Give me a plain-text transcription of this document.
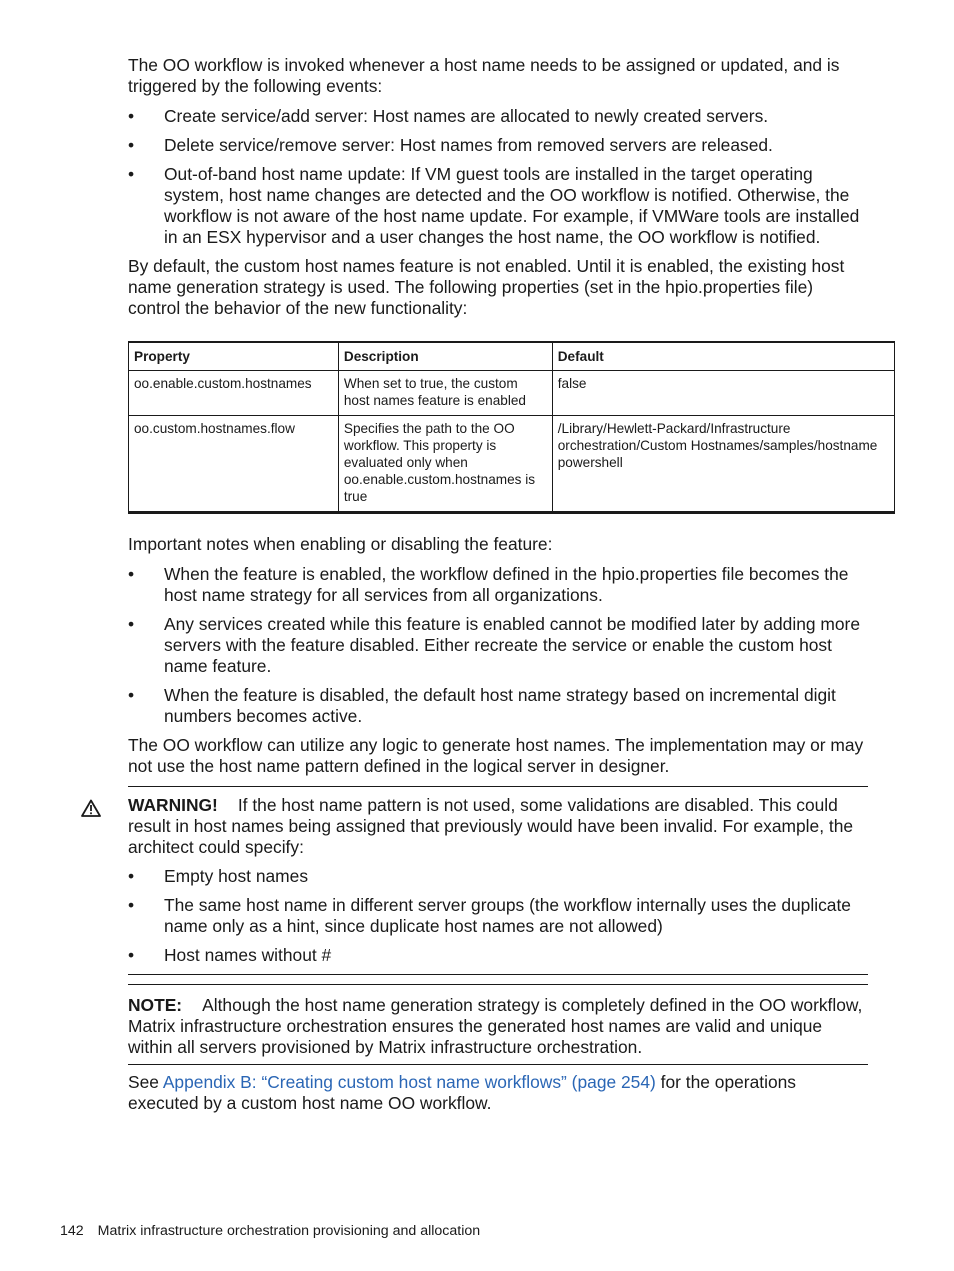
The OO workflow is invoked whenever a host name needs to be assigned or updated, and is triggered by the following events:

• Create service/add server: Host names are allocated to newly created servers.
• Delete service/remove server: Host names from removed servers are released.
• Out-of-band host name update: If VM guest tools are installed in the target operating system, host name changes are detected and the OO workflow is notified. Otherwise, the workflow is not aware of the host name update. For example, if VMWare tools are installed in an ESX hypervisor and a user changes the host name, the OO workflow is notified.

By default, the custom host names feature is not enabled. Until it is enabled, the existing host name generation strategy is used. The following properties (set in the hpio.properties file) control the behavior of the new functionality:

Property	Description	Default
oo.enable.custom.hostnames	When set to true, the custom host names feature is enabled	false
oo.custom.hostnames.flow	Specifies the path to the OO workflow. This property is evaluated only when oo.enable.custom.hostnames is true	/Library/Hewlett-Packard/Infrastructure orchestration/Custom Hostnames/samples/hostname powershell

Important notes when enabling or disabling the feature:

• When the feature is enabled, the workflow defined in the hpio.properties file becomes the host name strategy for all services from all organizations.
• Any services created while this feature is enabled cannot be modified later by adding more servers with the feature disabled. Either recreate the service or enable the custom host name feature.
• When the feature is disabled, the default host name strategy based on incremental digit numbers becomes active.

The OO workflow can utilize any logic to generate host names. The implementation may or may not use the host name pattern defined in the logical server in designer.

WARNING! If the host name pattern is not used, some validations are disabled. This could result in host names being assigned that previously would have been invalid. For example, the architect could specify:

• Empty host names
• The same host name in different server groups (the workflow internally uses the duplicate name only as a hint, since duplicate host names are not allowed)
• Host names without #

NOTE: Although the host name generation strategy is completely defined in the OO workflow, Matrix infrastructure orchestration ensures the generated host names are valid and unique within all servers provisioned by Matrix infrastructure orchestration.

See Appendix B: “Creating custom host name workflows” (page 254) for the operations executed by a custom host name OO workflow.

142 Matrix infrastructure orchestration provisioning and allocation
